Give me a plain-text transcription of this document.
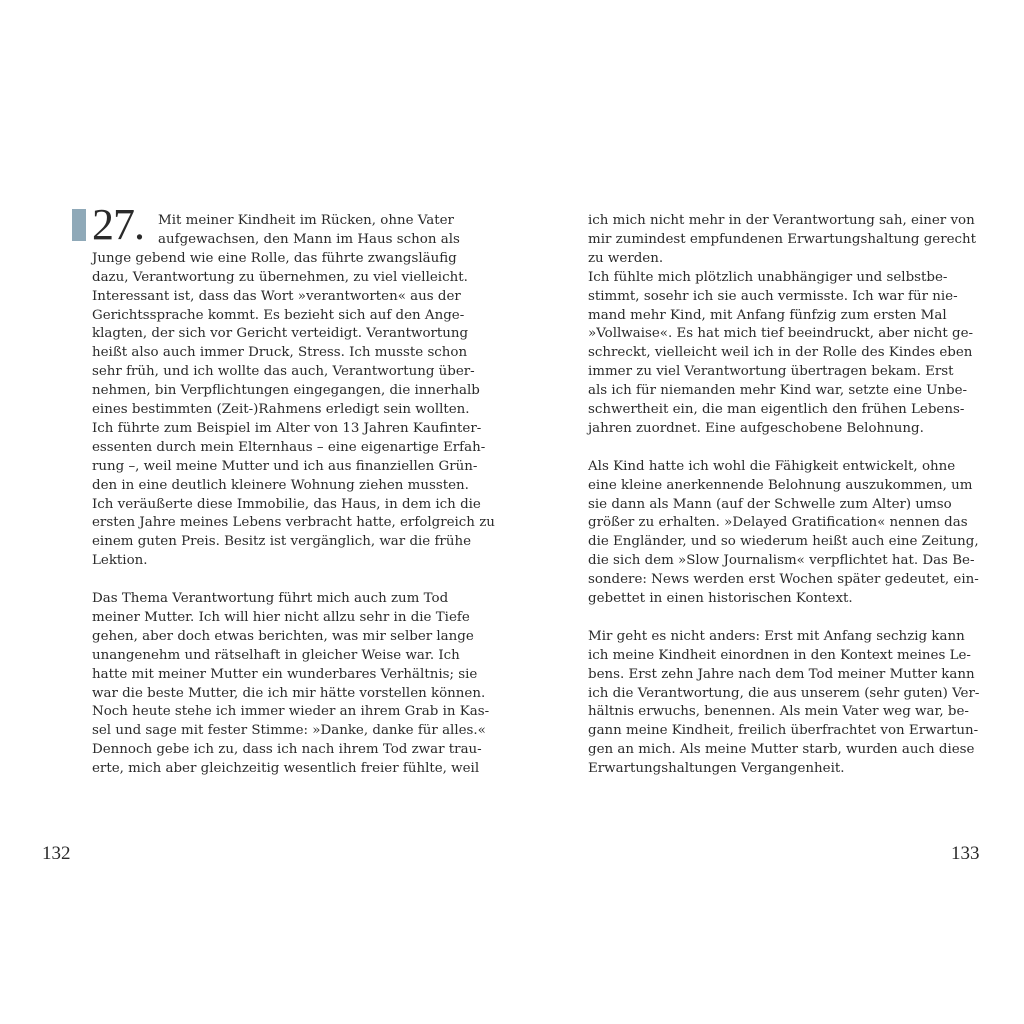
27. Mit meiner Kindheit im Rücken, ohne Vater
aufgewachsen, den Mann im Haus schon als
Junge gebend wie eine Rolle, das führte zwangsläufig
dazu, Verantwortung zu übernehmen, zu viel vielleicht.
Interessant ist, dass das Wort »verantworten« aus der
Gerichtssprache kommt. Es bezieht sich auf den Ange-
klagten, der sich vor Gericht verteidigt. Verantwortung
heißt also auch immer Druck, Stress. Ich musste schon
sehr früh, und ich wollte das auch, Verantwortung über-
nehmen, bin Verpflichtungen eingegangen, die innerhalb
eines bestimmten (Zeit-)Rahmens erledigt sein wollten.
Ich führte zum Beispiel im Alter von 13 Jahren Kaufinter-
essenten durch mein Elternhaus – eine eigenartige Erfah-
rung –, weil meine Mutter und ich aus finanziellen Grün-
den in eine deutlich kleinere Wohnung ziehen mussten.
Ich veräußerte diese Immobilie, das Haus, in dem ich die
ersten Jahre meines Lebens verbracht hatte, erfolgreich zu
einem guten Preis. Besitz ist vergänglich, war die frühe
Lektion.
Das Thema Verantwortung führt mich auch zum Tod
meiner Mutter. Ich will hier nicht allzu sehr in die Tiefe
gehen, aber doch etwas berichten, was mir selber lange
unangenehm und rätselhaft in gleicher Weise war. Ich
hatte mit meiner Mutter ein wunderbares Verhältnis; sie
war die beste Mutter, die ich mir hätte vorstellen können.
Noch heute stehe ich immer wieder an ihrem Grab in Kas-
sel und sage mit fester Stimme: »Danke, danke für alles.«
Dennoch gebe ich zu, dass ich nach ihrem Tod zwar trau-
erte, mich aber gleichzeitig wesentlich freier fühlte, weil
132
ich mich nicht mehr in der Verantwortung sah, einer von
mir zumindest empfundenen Erwartungshaltung gerecht
zu werden.
Ich fühlte mich plötzlich unabhängiger und selbstbe-
stimmt, sosehr ich sie auch vermisste. Ich war für nie-
mand mehr Kind, mit Anfang fünfzig zum ersten Mal
»Vollwaise«. Es hat mich tief beeindruckt, aber nicht ge-
schreckt, vielleicht weil ich in der Rolle des Kindes eben
immer zu viel Verantwortung übertragen bekam. Erst
als ich für niemanden mehr Kind war, setzte eine Unbe-
schwertheit ein, die man eigentlich den frühen Lebens-
jahren zuordnet. Eine aufgeschobene Belohnung.
Als Kind hatte ich wohl die Fähigkeit entwickelt, ohne
eine kleine anerkennende Belohnung auszukommen, um
sie dann als Mann (auf der Schwelle zum Alter) umso
größer zu erhalten. »Delayed Gratification« nennen das
die Engländer, und so wiederum heißt auch eine Zeitung,
die sich dem »Slow Journalism« verpflichtet hat. Das Be-
sondere: News werden erst Wochen später gedeutet, ein-
gebettet in einen historischen Kontext.
Mir geht es nicht anders: Erst mit Anfang sechzig kann
ich meine Kindheit einordnen in den Kontext meines Le-
bens. Erst zehn Jahre nach dem Tod meiner Mutter kann
ich die Verantwortung, die aus unserem (sehr guten) Ver-
hältnis erwuchs, benennen. Als mein Vater weg war, be-
gann meine Kindheit, freilich überfrachtet von Erwartun-
gen an mich. Als meine Mutter starb, wurden auch diese
Erwartungshaltungen Vergangenheit.
133
